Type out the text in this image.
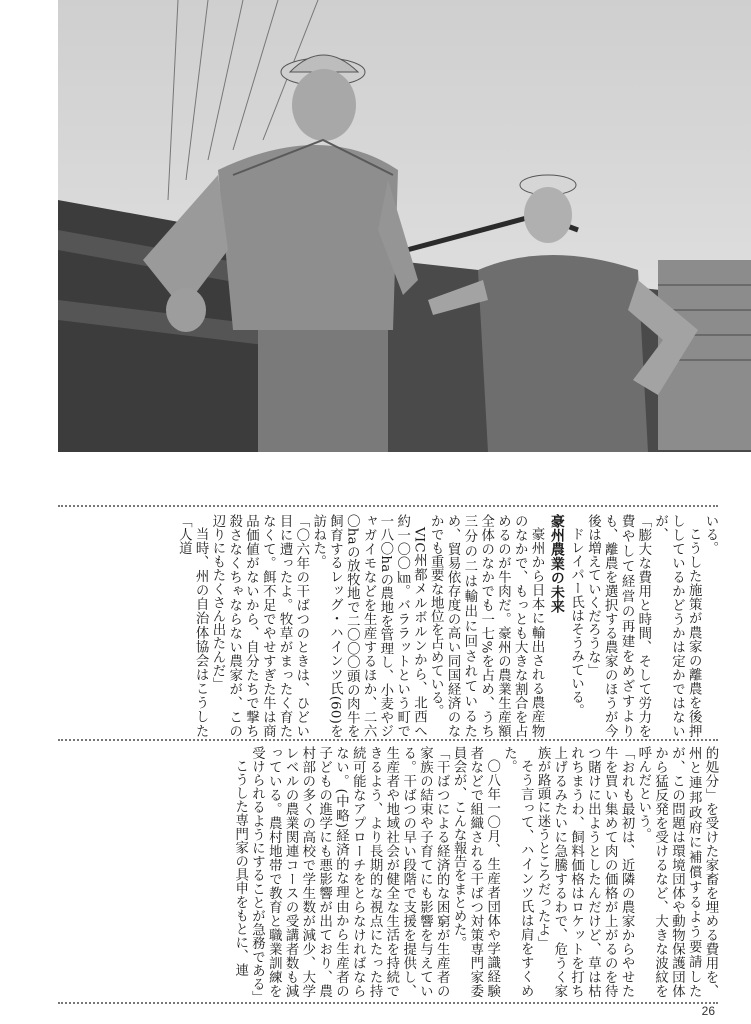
いる。

こうした施策が農家の離農を後押ししているかどうかは定かではないが、

「膨大な費用と時間、そして労力を費やして経営の再建をめざすよりも、離農を選択する農家のほうが今後は増えていくだろうな」

ドレイパー氏はそうみている。

豪州農業の未来

豪州から日本に輸出される農産物のなかで、もっとも大きな割合を占めるのが牛肉だ。豪州の農業生産額全体のなかでも一七%を占め、うち三分の二は輸出に回されているため、貿易依存度の高い同国経済のなかでも重要な地位を占めている。

VIC州都メルボルンから、北西へ約一〇〇㎞。バララットという町で一八〇haの農地を管理し、小麦やジャガイモなどを生産するほか、二六〇haの放牧地で二〇〇〇頭の肉牛を飼育するレッグ・ハインツ氏(60)を訪ねた。

「〇六年の干ばつのときは、ひどい目に遭ったよ。牧草がまったく育たなくて。餌不足でやせすぎた牛は商品価値がないから、自分たちで撃ち殺さなくちゃならない農家が、この辺りにもたくさん出たんだ」

当時、州の自治体協会はこうした「人道

的処分」を受けた家畜を埋める費用を、州と連邦政府に補償するよう要請したが、この問題は環境団体や動物保護団体から猛反発を受けるなど、大きな波紋を呼んだという。

「おれも最初は、近隣の農家からやせた牛を買い集めて肉の価格が上がるのを待つ賭けに出ようとしたんだけど、草は枯れちまうわ、飼料価格はロケットを打ち上げるみたいに急騰するわで、危うく家族が路頭に迷うところだったよ」

そう言って、ハインツ氏は肩をすくめた。

〇八年一〇月、生産者団体や学識経験者などで組織される干ばつ対策専門家委員会が、こんな報告をまとめた。

「干ばつによる経済的な困窮が生産者の家族の結束や子育てにも影響を与えている。干ばつの早い段階で支援を提供し、生産者や地域社会が健全な生活を持続できるよう、より長期的な視点にたった持続可能なアプローチをとらなければならない。(中略)経済的な理由から生産者の子どもの進学にも悪影響が出ており、農村部の多くの高校で学生数が減少、大学レベルの農業関連コースの受講者数も減っている。農村地帯で教育と職業訓練を受けられるようにすることが急務である」

こうした専門家の具申をもとに、連

26
